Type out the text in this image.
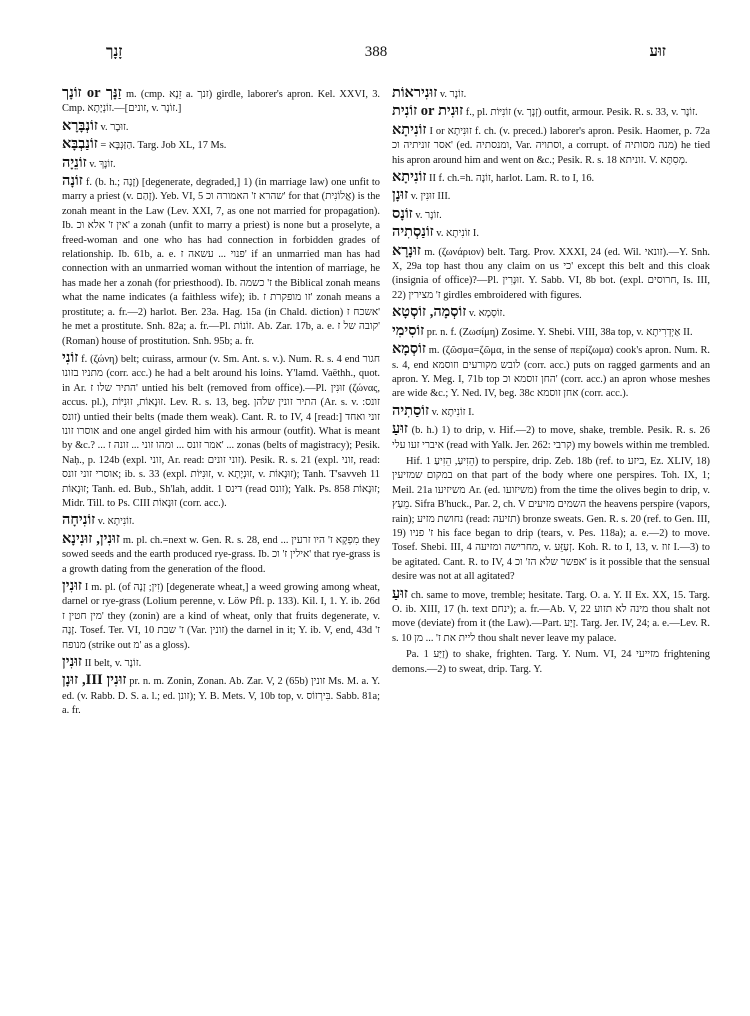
זָנָך	388	זוּע

זַנָּך or זוֹנָך m. (cmp. זֵנָא a. זנך) girdle, laborer's apron. Kel. XXVI, 3. Cmp. זוֹנְיָתָא.—[זונים, v. זוֹנָר.]

זוֹנְבָּרָא v. זוּבָר.

זוֹנַבְבָּא = הַזַּנְבָּא. Targ. Job XL, 17 Ms.

זוֹנֵיָה v. זוֹנָךְ.

זוֹנָה f. (b. h.; זָנָה) [degenerate, degraded,] 1) (in marriage law) one unfit to marry a priest (v. זָהַם). Yeb. VI, 5 שהרא ז' האמורה וכ' for that (אֲלוֹנִית) is the zonah meant in the Law (Lev. XXI, 7, as one not married for propagation). Ib. אין ז' אלא וכ' a zonah (unfit to marry a priest) is none but a proselyte, a freed-woman and one who has had connection in forbidden grades of relationship. Ib. 61b, a. e. פנוי ... עשאה ז' if an unmarried man has had connection with an unmarried woman without the intention of marriage, he has made her a zonah (for priesthood). Ib. ז' כשמה the Biblical zonah means what the name indicates (a faithless wife); ib. זו מופקרת ז' zonah means a prostitute; a. fr.—2) harlot. Ber. 23a. Hag. 15a (in Chald. diction) אשכח ז' he met a prostitute. Snh. 82a; a. fr.—Pl. זוֹנוֹת. Ab. Zar. 17b, a. e. קובה של ז' (Roman) house of prostitution. Snh. 95b; a. fr.

זוֹנִי f. (ζώνη) belt; cuirass, armour (v. Sm. Ant. s. v.). Num. R. s. 4 end חגור מתניו בזונו (corr. acc.) he had a belt around his loins. Y'lamd. Vaëthh., quot. in Ar. התיר שלו ז' untied his belt (removed from office).—Pl. זוּנִין (ζώνας, accus. pl.), זוּנָאוֹת, זוּנִיּוֹת. Lev. R. s. 13, beg. התיר זונין שלהן (Ar. s. v. זונס: זונס) untied their belts (made them weak). Cant. R. to IV, 4 [read:] זוני ואחד אוסרו זונו and one angel girded him with his armour (outfit). What is meant by &c.? ... אמר זונס ... ומהו זוני ... זונה ז' ... zonas (belts of magistracy); Pesik. Naḥ., p. 124b (expl. זוני, Ar. read: זוני זונים). Pesik. R. s. 21 (expl. זוני, read: אוסרי זוני זונס; ib. s. 33 (expl. זוּנִיּוֹת, v. זוּנְיָתָא, v. זוּנָאוֹת); Tanh. T'savveh 11 זוּנָאוֹת; Tanh. ed. Bub., Sh'lah, addit. 1 דינס (read זונס); Yalk. Ps. 858 זוּנָאוֹת; Midr. Till. to Ps. CIII זוּנָאוֹת (corr. acc.).

זוֹנִיחָה v. זוֹנִיתָא.

זוּנִין, זוּנִינָא m. pl. ch.=next w. Gen. R. s. 28, end ... מִפְקָא ז' היו זרעין they sowed seeds and the earth produced rye-grass. Ib. אילין ז' וכ' that rye-grass is a growth dating from the generation of the flood.

זוּנִין I m. pl. (of זִין; זָנָה) [degenerate wheat,] a weed growing among wheat, darnel or rye-grass (Lolium perenne, v. Löw Pfl. p. 133). Kil. I, 1. Y. ib. 26d מין חטין ז' they (zonin) are a kind of wheat, only that fruits degenerate, v. זָנָה. Tosef. Ter. VI, 10 ז' שבת (Var. זונין) the darnel in it; Y. ib. V, end, 43d ז' מנופח (strike out מ' as a gloss).

זוּנִין II belt, v. זוֹנָר.

זוּנִין III, זוּנָן pr. n. m. Zonin, Zonan. Ab. Zar. V, 2 (65b) זונין Ms. M. a. Y. ed. (v. Rabb. D. S. a. l.; ed. זונן); Y. B. Mets. V, 10b top, v. בִּירְזוֹס. Sabb. 81a; a. fr.

זוּנִיראוֹת v. זוֹנָר.

זוּנִית or זוֹנִית f., pl. זוֹנִיּוֹת (v. זְנָך) outfit, armour. Pesik. R. s. 33, v. זוֹנָר.

זוֹנִיתָא I or זוּנִיתָא f. ch. (v. preced.) laborer's apron. Pesik. Haomer, p. 72a אסר זוניתיה וכ' (ed. ומנסתיה, Var. וסתויה, a corrupt. of מנה מסותיה) he tied his apron around him and went on &c.; Pesik. R. s. 18 זוניתא. V. מְסִתָּא.

זוֹנִיתָא II f. ch.=h. זוֹנָה, harlot. Lam. R. to I, 16.

זוּנָן v. זוּנִין III.

זוֹנָס v. זוֹנָר.

זוֹנַסְתִיה v. זוֹנִיתָא I.

זוּנָרָא m. (ζωνάριον) belt. Targ. Prov. XXXI, 24 (ed. Wil. זונאי).—Y. Snh. X, 29a top hast thou any claim on us כי' except this belt and this cloak (insignia of office)?—Pl. זוּנָרִין. Y. Sabb. VI, 8b bot. (expl. חרוסים, Is. III, 22) ז' מצירין girdles embroidered with figures.

זוֹסְמָה, זוֹסְטָא v. זוֹסְמָא.

זוֹסִימִי pr. n. f. (Ζωσίμη) Zosime. Y. Shebi. VIII, 38a top, v. אַיְדְרִיתָא II.

זוֹסְמָא m. (ζῶσμα=ζῶμα, in the sense of περίζωμα) cook's apron. Num. R. s. 4, end לובש מקורעים וזוסמא (corr. acc.) puts on ragged garments and an apron. Y. Meg. I, 71b top החן זוסמא וכ' (corr. acc.) an apron whose meshes are wide &c.; Y. Ned. IV, beg. 38c אחן זוסמא (corr. acc.).

זוֹסַתִיה v. זוֹנִיתָא I.

זוּעַ (b. h.) 1) to drip, v. Hif.—2) to move, shake, tremble. Pesik. R. s. 26 איברי זעו עלי (read with Yalk. Jer. 262: קרבי) my bowels within me trembled.

Hif. הֵזִיעַ, הֵזִיעַ 1) to perspire, drip. Zeb. 18b (ref. to ביזע, Ez. XLIV, 18) במקום שמזיעין on that part of the body where one perspires. Toh. IX, 1; Meil. 21a משיזיעו Ar. (ed. משיזועו) from the time the olives begin to drip, v. מֵעַץ. Sifra B'huck., Par. 2, ch. V השמים מזיעים the heavens perspire (vapors, rain); נחושת מזיע (read: תזיעה) bronze sweats. Gen. R. s. 20 (ref. to Gen. III, 19) ז' פניו his face began to drip (tears, v. Pes. 118a); a. e.—2) to move. Tosef. Shebi. III, 4 מחרישה ומזיעה, v. זְעַזֵּע. Koh. R. to I, 13, v. זוז I.—3) to be agitated. Cant. R. to IV, 4 אפשר שלא הז' וכ' is it possible that the sensual desire was not at all agitated?

זוּעַ ch. same to move, tremble; hesitate. Targ. O. a. Y. II Ex. XX, 15. Targ. O. ib. XIII, 17 (h. text ינחם); a. fr.—Ab. V, 22 מינה לא תזוע thou shalt not move (deviate) from it (the Law).—Part. זָיַע. Targ. Jer. IV, 24; a. e.—Lev. R. s. 10 ליית את ז' ... מן thou shalt never leave my palace.

Pa. זַיַּע 1) to shake, frighten. Targ. Y. Num. VI, 24 מזייעי frightening demons.—2) to sweat, drip. Targ. Y.
